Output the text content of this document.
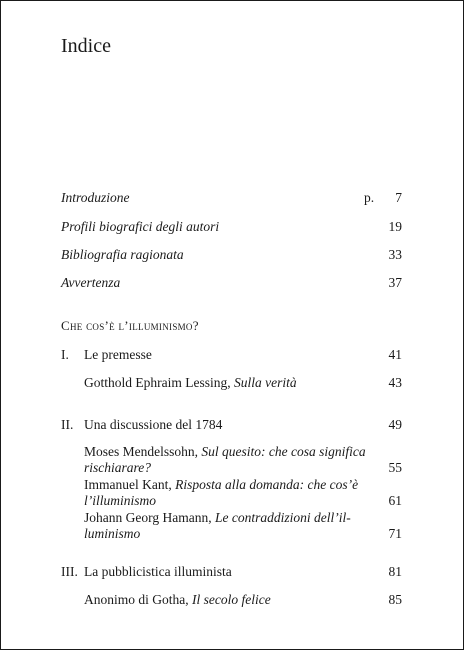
Indice
Introduzione	p. 7
Profili biografici degli autori	19
Bibliografia ragionata	33
Avvertenza	37
Che cos’è l’illuminismo?
I. Le premesse	41
Gotthold Ephraim Lessing, Sulla verità	43
II. Una discussione del 1784	49
Moses Mendelssohn, Sul quesito: che cosa significa
rischiarare?	55
Immanuel Kant, Risposta alla domanda: che cos’è
l’illuminismo	61
Johann Georg Hamann, Le contraddizioni dell’il-
luminismo	71
III. La pubblicistica illuminista	81
Anonimo di Gotha, Il secolo felice	85
